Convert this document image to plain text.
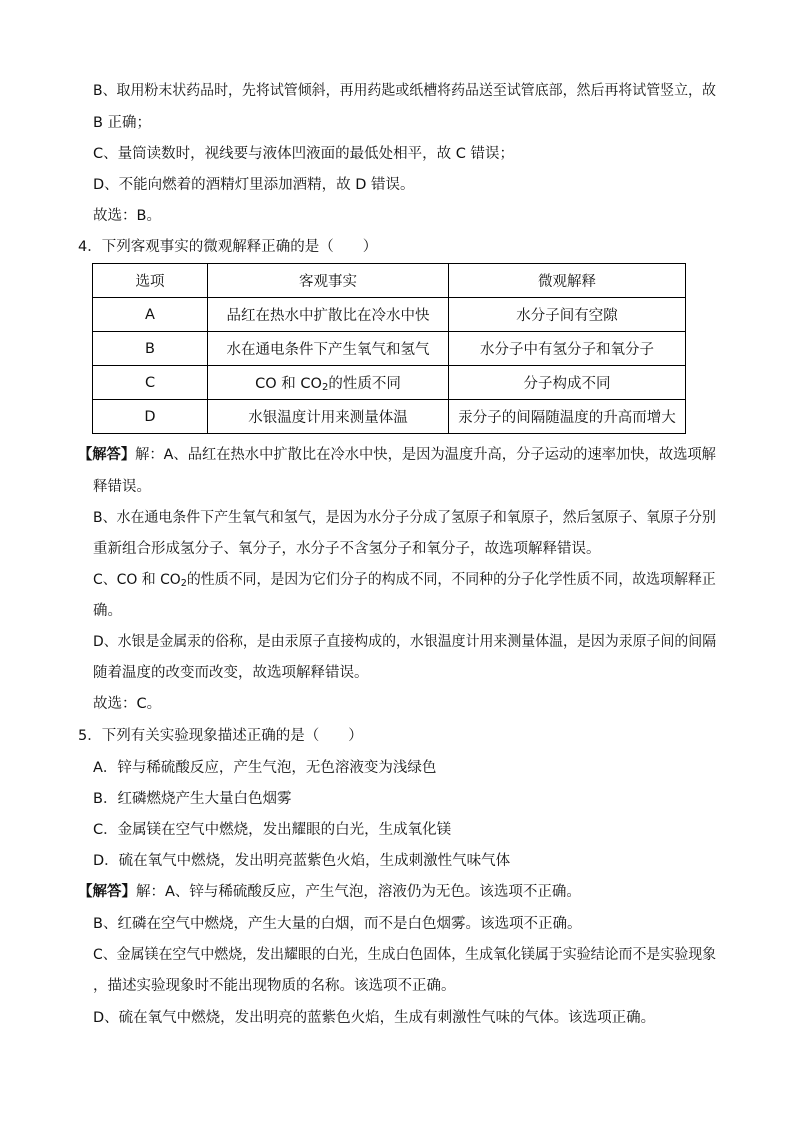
B、取用粉末状药品时，先将试管倾斜，再用药匙或纸槽将药品送至试管底部，然后再将试管竖立，故
B 正确；
C、量筒读数时，视线要与液体凹液面的最低处相平，故 C 错误；
D、不能向燃着的酒精灯里添加酒精，故 D 错误。
故选：B。
4．下列客观事实的微观解释正确的是（　　）
选项	客观事实	微观解释
A	品红在热水中扩散比在冷水中快	水分子间有空隙
B	水在通电条件下产生氧气和氢气	水分子中有氢分子和氧分子
C	CO 和 $CO_2$的性质不同	分子构成不同
D	水银温度计用来测量体温	汞分子的间隔随温度的升高而增大
【解答】解：A、品红在热水中扩散比在冷水中快，是因为温度升高，分子运动的速率加快，故选项解
释错误。
B、水在通电条件下产生氧气和氢气，是因为水分子分成了氢原子和氧原子，然后氢原子、氧原子分别
重新组合形成氢分子、氧分子，水分子不含氢分子和氧分子，故选项解释错误。
C、CO 和 $CO_2$的性质不同，是因为它们分子的构成不同，不同种的分子化学性质不同，故选项解释正
确。
D、水银是金属汞的俗称，是由汞原子直接构成的，水银温度计用来测量体温，是因为汞原子间的间隔
随着温度的改变而改变，故选项解释错误。
故选：C。
5．下列有关实验现象描述正确的是（　　）
A．锌与稀硫酸反应，产生气泡，无色溶液变为浅绿色
B．红磷燃烧产生大量白色烟雾
C．金属镁在空气中燃烧，发出耀眼的白光，生成氧化镁
D．硫在氧气中燃烧，发出明亮蓝紫色火焰，生成刺激性气味气体
【解答】解：A、锌与稀硫酸反应，产生气泡，溶液仍为无色。该选项不正确。
B、红磷在空气中燃烧，产生大量的白烟，而不是白色烟雾。该选项不正确。
C、金属镁在空气中燃烧，发出耀眼的白光，生成白色固体，生成氧化镁属于实验结论而不是实验现象
，描述实验现象时不能出现物质的名称。该选项不正确。
D、硫在氧气中燃烧，发出明亮的蓝紫色火焰，生成有刺激性气味的气体。该选项正确。
